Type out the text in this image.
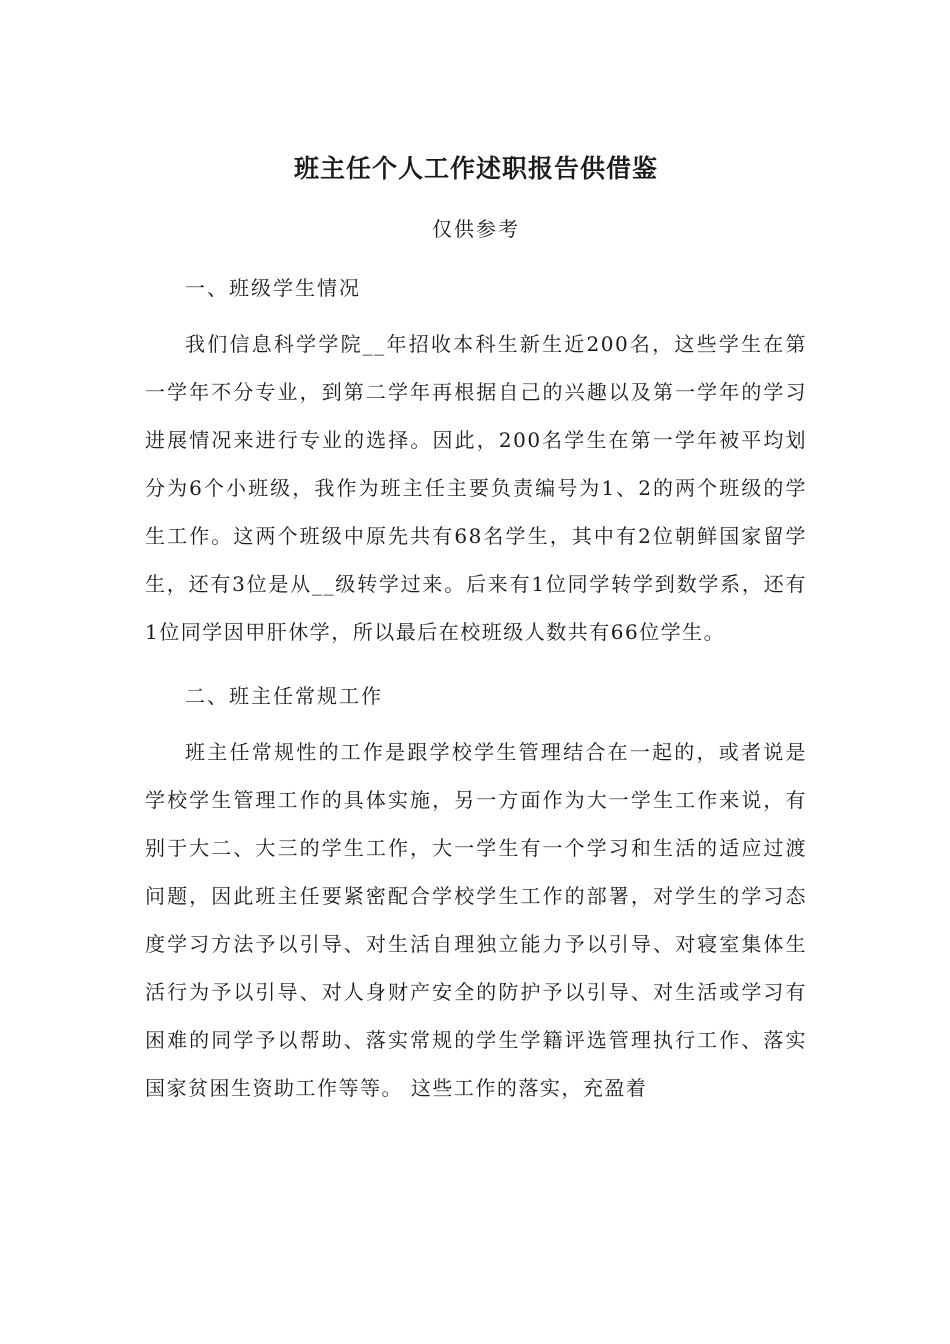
班主任个人工作述职报告供借鉴
仅供参考
一、班级学生情况

我们信息科学学院__年招收本科生新生近200名，这些学生在第一学年不分专业，到第二学年再根据自己的兴趣以及第一学年的学习进展情况来进行专业的选择。因此，200名学生在第一学年被平均划分为6个小班级，我作为班主任主要负责编号为1、2的两个班级的学生工作。这两个班级中原先共有68名学生，其中有2位朝鲜国家留学生，还有3位是从__级转学过来。后来有1位同学转学到数学系，还有1位同学因甲肝休学，所以最后在校班级人数共有66位学生。

二、班主任常规工作

班主任常规性的工作是跟学校学生管理结合在一起的，或者说是学校学生管理工作的具体实施，另一方面作为大一学生工作来说，有别于大二、大三的学生工作，大一学生有一个学习和生活的适应过渡问题，因此班主任要紧密配合学校学生工作的部署，对学生的学习态度学习方法予以引导、对生活自理独立能力予以引导、对寝室集体生活行为予以引导、对人身财产安全的防护予以引导、对生活或学习有困难的同学予以帮助、落实常规的学生学籍评选管理执行工作、落实国家贫困生资助工作等等。 这些工作的落实，充盈着
